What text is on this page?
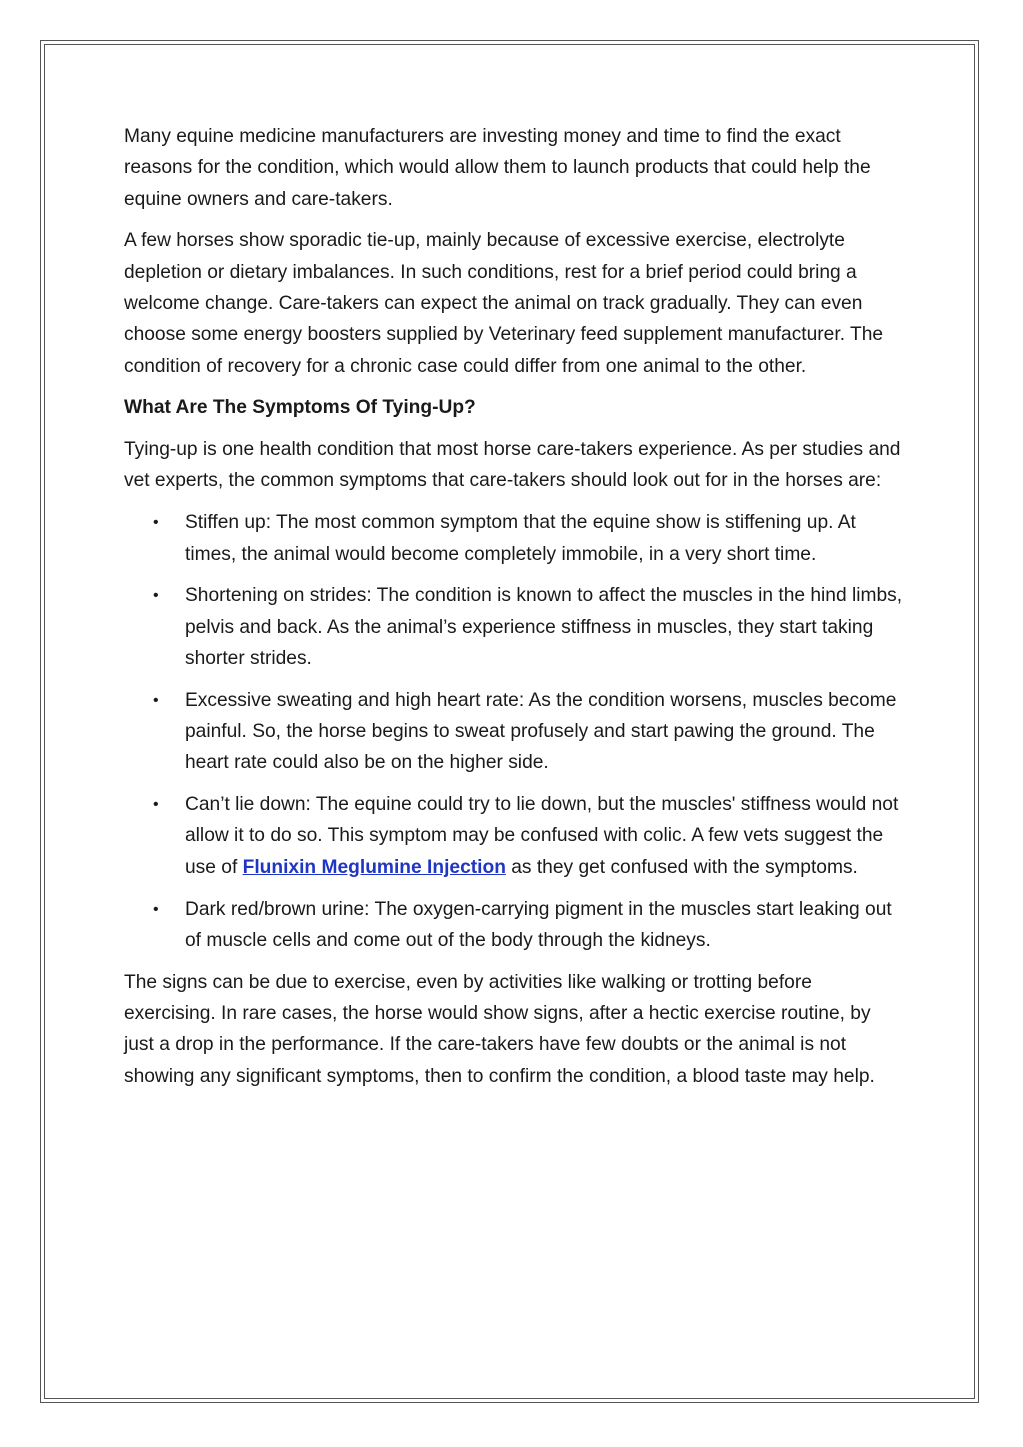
Many equine medicine manufacturers are investing money and time to find the exact reasons for the condition, which would allow them to launch products that could help the equine owners and care-takers.

A few horses show sporadic tie-up, mainly because of excessive exercise, electrolyte depletion or dietary imbalances. In such conditions, rest for a brief period could bring a welcome change. Care-takers can expect the animal on track gradually. They can even choose some energy boosters supplied by Veterinary feed supplement manufacturer. The condition of recovery for a chronic case could differ from one animal to the other.

What Are The Symptoms Of Tying-Up?

Tying-up is one health condition that most horse care-takers experience. As per studies and vet experts, the common symptoms that care-takers should look out for in the horses are:

• Stiffen up: The most common symptom that the equine show is stiffening up. At times, the animal would become completely immobile, in a very short time.
• Shortening on strides: The condition is known to affect the muscles in the hind limbs, pelvis and back. As the animal’s experience stiffness in muscles, they start taking shorter strides.
• Excessive sweating and high heart rate: As the condition worsens, muscles become painful. So, the horse begins to sweat profusely and start pawing the ground. The heart rate could also be on the higher side.
• Can’t lie down: The equine could try to lie down, but the muscles' stiffness would not allow it to do so. This symptom may be confused with colic. A few vets suggest the use of Flunixin Meglumine Injection as they get confused with the symptoms.
• Dark red/brown urine: The oxygen-carrying pigment in the muscles start leaking out of muscle cells and come out of the body through the kidneys.

The signs can be due to exercise, even by activities like walking or trotting before exercising. In rare cases, the horse would show signs, after a hectic exercise routine, by just a drop in the performance. If the care-takers have few doubts or the animal is not showing any significant symptoms, then to confirm the condition, a blood taste may help.
